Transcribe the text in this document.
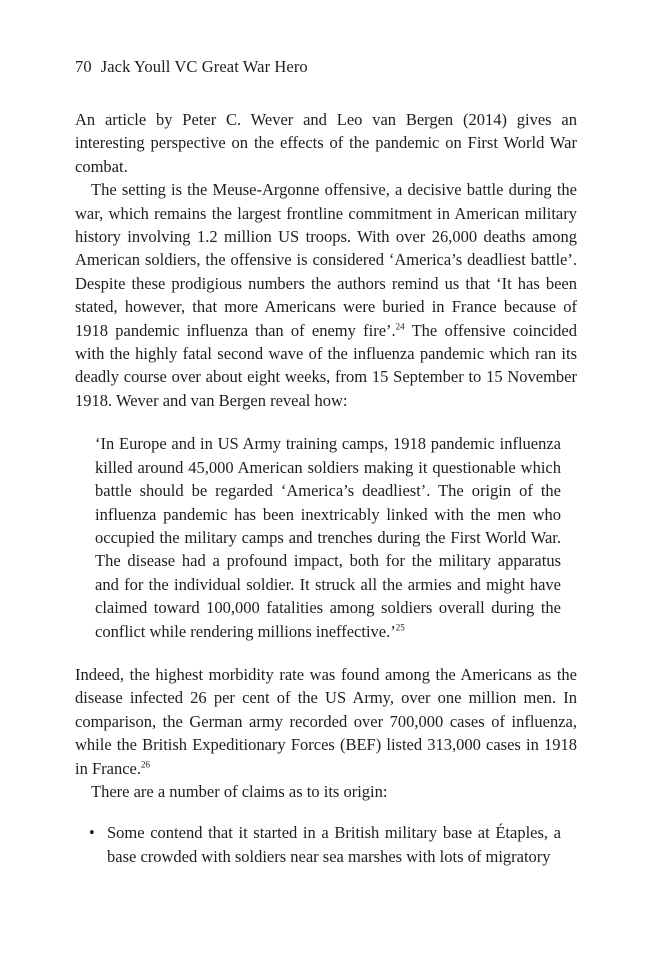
70 Jack Youll VC Great War Hero

An article by Peter C. Wever and Leo van Bergen (2014) gives an interesting perspective on the effects of the pandemic on First World War combat.

The setting is the Meuse-Argonne offensive, a decisive battle during the war, which remains the largest frontline commitment in American military history involving 1.2 million US troops. With over 26,000 deaths among American soldiers, the offensive is considered ‘America’s deadliest battle’. Despite these prodigious numbers the authors remind us that ‘It has been stated, however, that more Americans were buried in France because of 1918 pandemic influenza than of enemy fire’.$^{24}$ The offensive coincided with the highly fatal second wave of the influenza pandemic which ran its deadly course over about eight weeks, from 15 September to 15 November 1918. Wever and van Bergen reveal how:

‘In Europe and in US Army training camps, 1918 pandemic influenza killed around 45,000 American soldiers making it questionable which battle should be regarded ‘America’s deadliest’. The origin of the influenza pandemic has been inextricably linked with the men who occupied the military camps and trenches during the First World War. The disease had a profound impact, both for the military apparatus and for the individual soldier. It struck all the armies and might have claimed toward 100,000 fatalities among soldiers overall during the conflict while rendering millions ineffective.’$^{25}$

Indeed, the highest morbidity rate was found among the Americans as the disease infected 26 per cent of the US Army, over one million men. In comparison, the German army recorded over 700,000 cases of influenza, while the British Expeditionary Forces (BEF) listed 313,000 cases in 1918 in France.$^{26}$

There are a number of claims as to its origin:

• Some contend that it started in a British military base at Étaples, a base crowded with soldiers near sea marshes with lots of migratory
